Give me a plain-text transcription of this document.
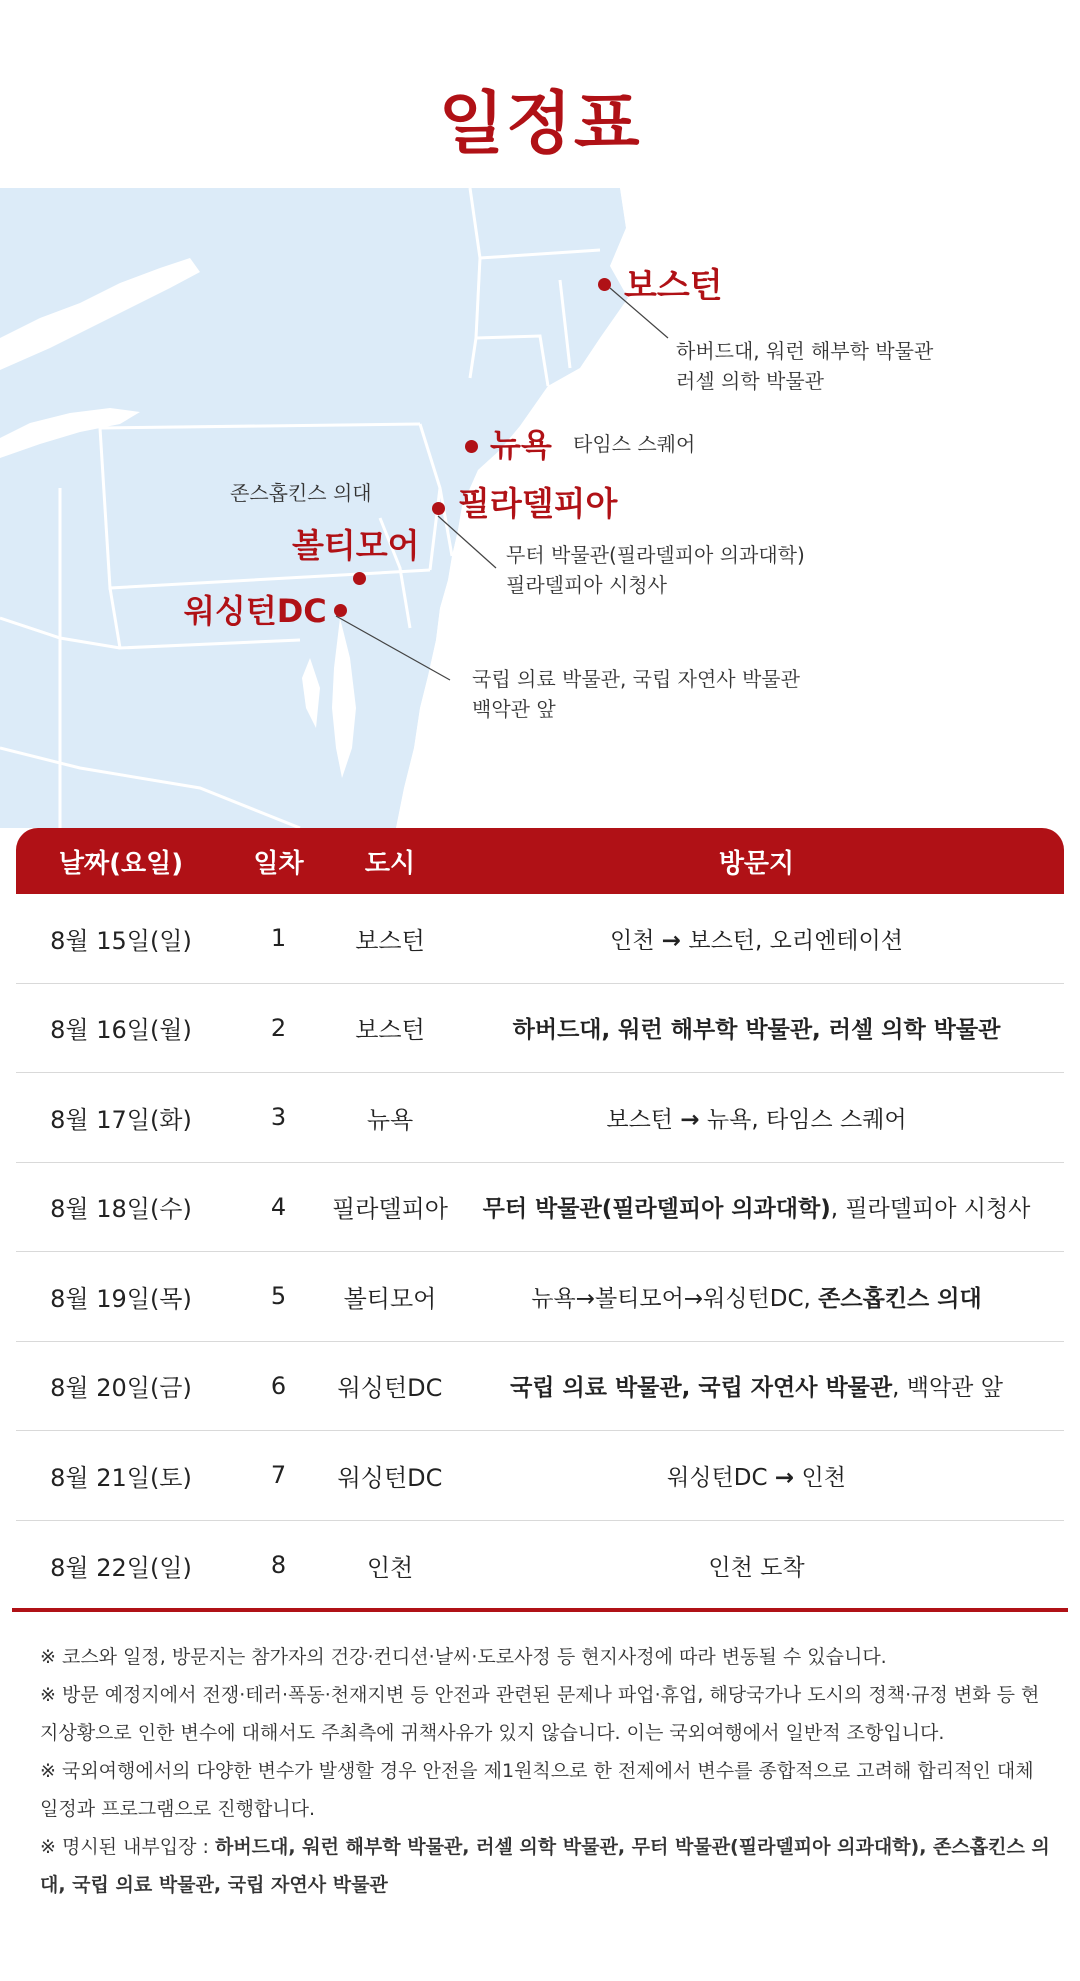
일정표
보스턴
하버드대, 워런 해부학 박물관
러셀 의학 박물관
뉴욕 타임스 스퀘어
필라델피아
무터 박물관(필라델피아 의과대학)
필라델피아 시청사
존스홉킨스 의대
볼티모어
워싱턴DC
국립 의료 박물관, 국립 자연사 박물관
백악관 앞
날짜(요일)	일차	도시	방문지
8월 15일(일)	1	보스턴	인천 → 보스턴, 오리엔테이션
8월 16일(월)	2	보스턴	하버드대, 워런 해부학 박물관, 러셀 의학 박물관
8월 17일(화)	3	뉴욕	보스턴 → 뉴욕, 타임스 스퀘어
8월 18일(수)	4	필라델피아	무터 박물관(필라델피아 의과대학), 필라델피아 시청사
8월 19일(목)	5	볼티모어	뉴욕→볼티모어→워싱턴DC, 존스홉킨스 의대
8월 20일(금)	6	워싱턴DC	국립 의료 박물관, 국립 자연사 박물관, 백악관 앞
8월 21일(토)	7	워싱턴DC	워싱턴DC → 인천
8월 22일(일)	8	인천	인천 도착

※ 코스와 일정, 방문지는 참가자의 건강·컨디션·날씨·도로사정 등 현지사정에 따라 변동될 수 있습니다.

※ 방문 예정지에서 전쟁·테러·폭동·천재지변 등 안전과 관련된 문제나 파업·휴업, 해당국가나 도시의 정책·규정 변화 등 현지상황으로 인한 변수에 대해서도 주최측에 귀책사유가 있지 않습니다. 이는 국외여행에서 일반적 조항입니다.

※ 국외여행에서의 다양한 변수가 발생할 경우 안전을 제1원칙으로 한 전제에서 변수를 종합적으로 고려해 합리적인 대체 일정과 프로그램으로 진행합니다.

※ 명시된 내부입장 : 하버드대, 워런 해부학 박물관, 러셀 의학 박물관, 무터 박물관(필라델피아 의과대학), 존스홉킨스 의대, 국립 의료 박물관, 국립 자연사 박물관
